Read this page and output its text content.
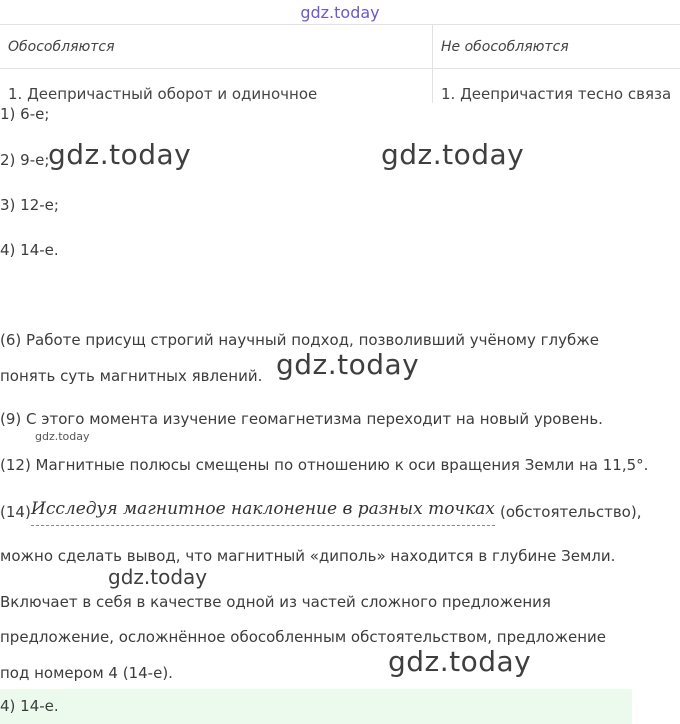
gdz.today
Обособляются	Не обособляются
1. Деепричастный оборот и одиночное	1. Деепричастия тесно связа
1) 6-е;
2) 9-е;
gdz.today	gdz.today
3) 12-е;
4) 14-е.
(6) Работе присущ строгий научный подход, позволивший учёному глубже
понять суть магнитных явлений. gdz.today
(9) С этого момента изучение геомагнетизма переходит на новый уровень.
gdz.today
(12) Магнитные полюсы смещены по отношению к оси вращения Земли на 11,5°.
(14) Исследуя магнитное наклонение в разных точках (обстоятельство),
можно сделать вывод, что магнитный «диполь» находится в глубине Земли.
gdz.today
Включает в себя в качестве одной из частей сложного предложения
предложение, осложнённое обособленным обстоятельством, предложение
под номером 4 (14-е).	gdz.today
4) 14-е.
